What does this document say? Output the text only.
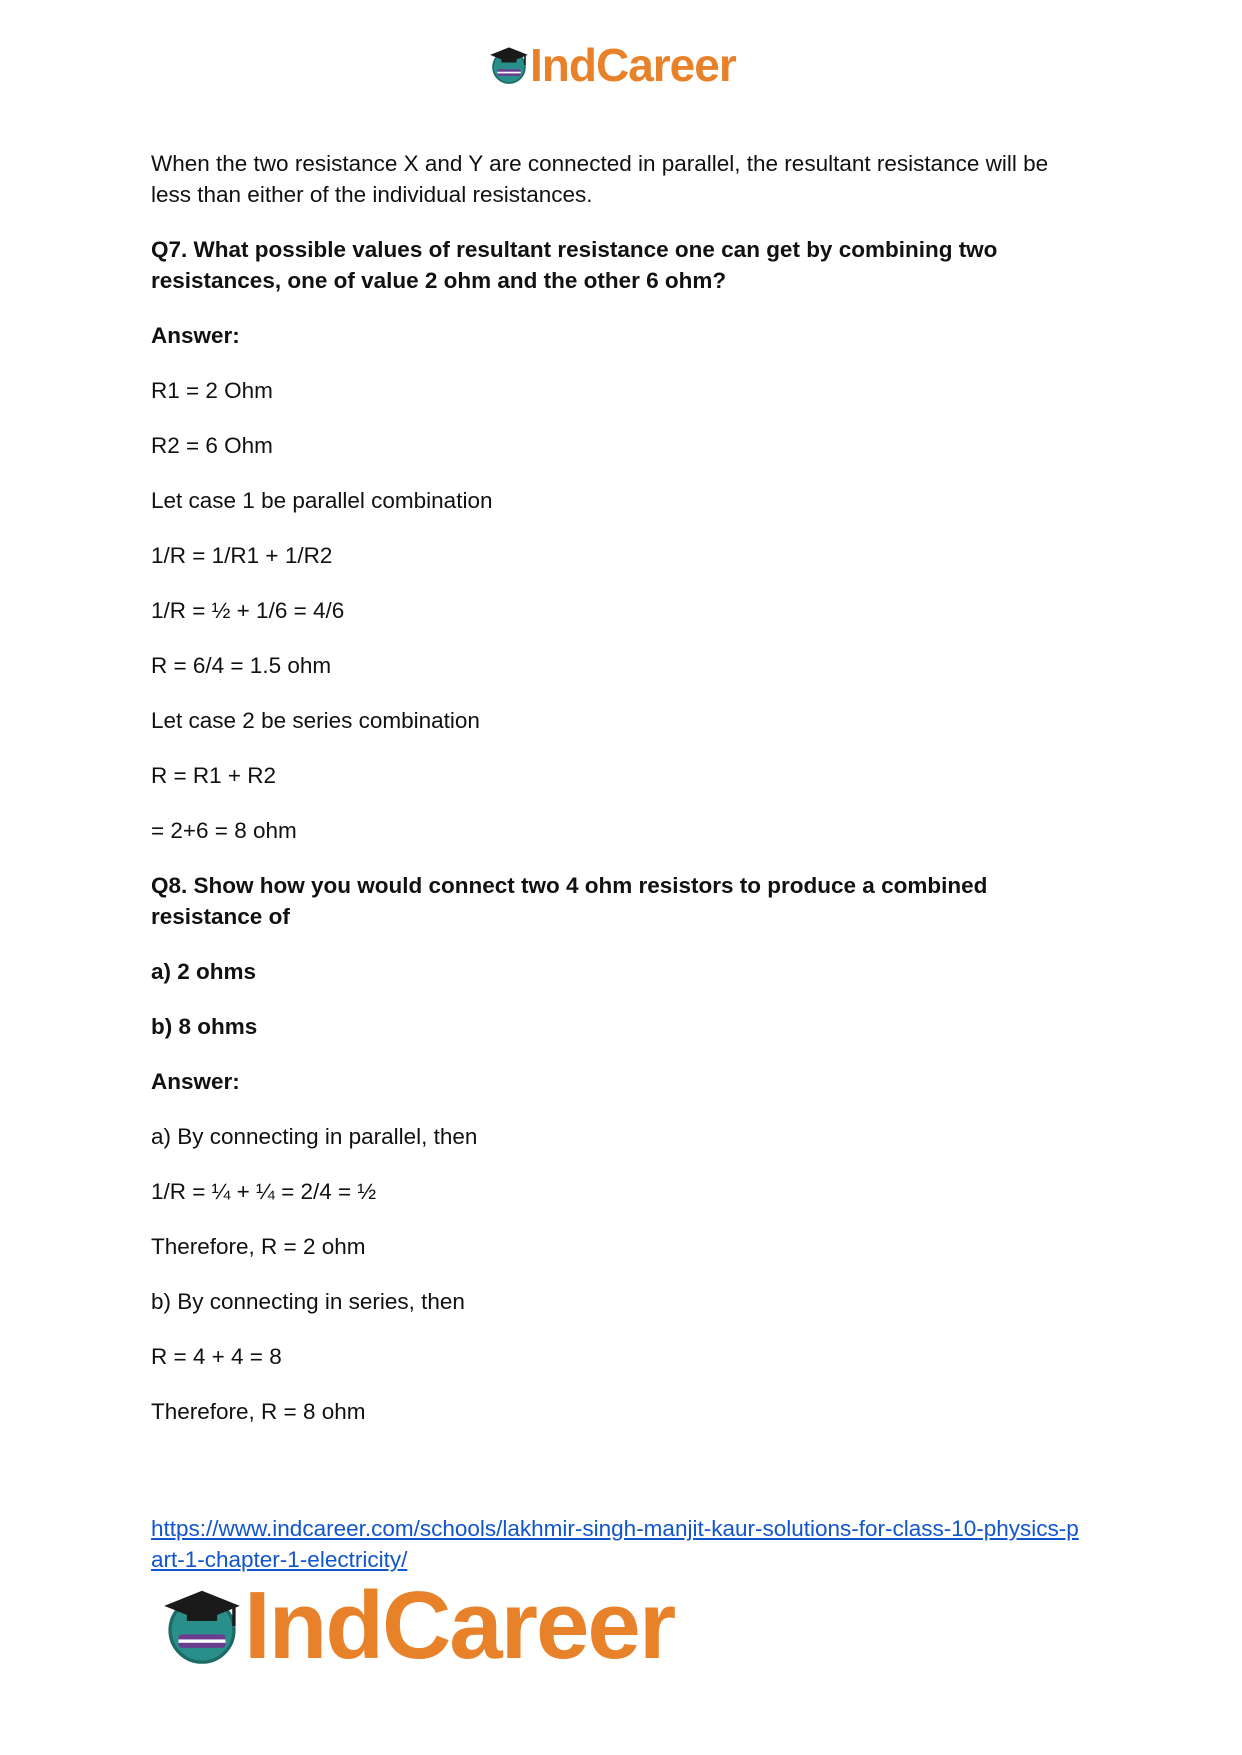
IndCareer

When the two resistance X and Y are connected in parallel, the resultant resistance will be less than either of the individual resistances.

Q7. What possible values of resultant resistance one can get by combining two resistances, one of value 2 ohm and the other 6 ohm?

Answer:

R1 = 2 Ohm

R2 = 6 Ohm

Let case 1 be parallel combination

1/R = 1/R1 + 1/R2

1/R = ½ + 1/6 = 4/6

R = 6/4 = 1.5 ohm

Let case 2 be series combination

R = R1 + R2

= 2+6 = 8 ohm

Q8. Show how you would connect two 4 ohm resistors to produce a combined resistance of

a) 2 ohms

b) 8 ohms

Answer:

a) By connecting in parallel, then

1/R = ¼ + ¼ = 2/4 = ½

Therefore, R = 2 ohm

b) By connecting in series, then

R = 4 + 4 = 8

Therefore, R = 8 ohm

https://www.indcareer.com/schools/lakhmir-singh-manjit-kaur-solutions-for-class-10-physics-part-1-chapter-1-electricity/
IndCareer
